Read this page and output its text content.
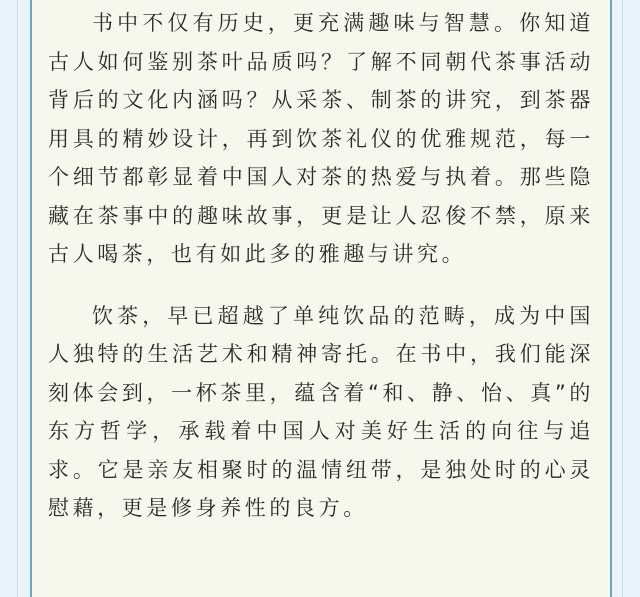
书中不仅有历史，更充满趣味与智慧。你知道古人如何鉴别茶叶品质吗？了解不同朝代茶事活动背后的文化内涵吗？从采茶、制茶的讲究，到茶器用具的精妙设计，再到饮茶礼仪的优雅规范，每一个细节都彰显着中国人对茶的热爱与执着。那些隐藏在茶事中的趣味故事，更是让人忍俊不禁，原来古人喝茶，也有如此多的雅趣与讲究。

饮茶，早已超越了单纯饮品的范畴，成为中国人独特的生活艺术和精神寄托。在书中，我们能深刻体会到，一杯茶里，蕴含着“和、静、怡、真”的东方哲学，承载着中国人对美好生活的向往与追求。它是亲友相聚时的温情纽带，是独处时的心灵慰藉，更是修身养性的良方。
